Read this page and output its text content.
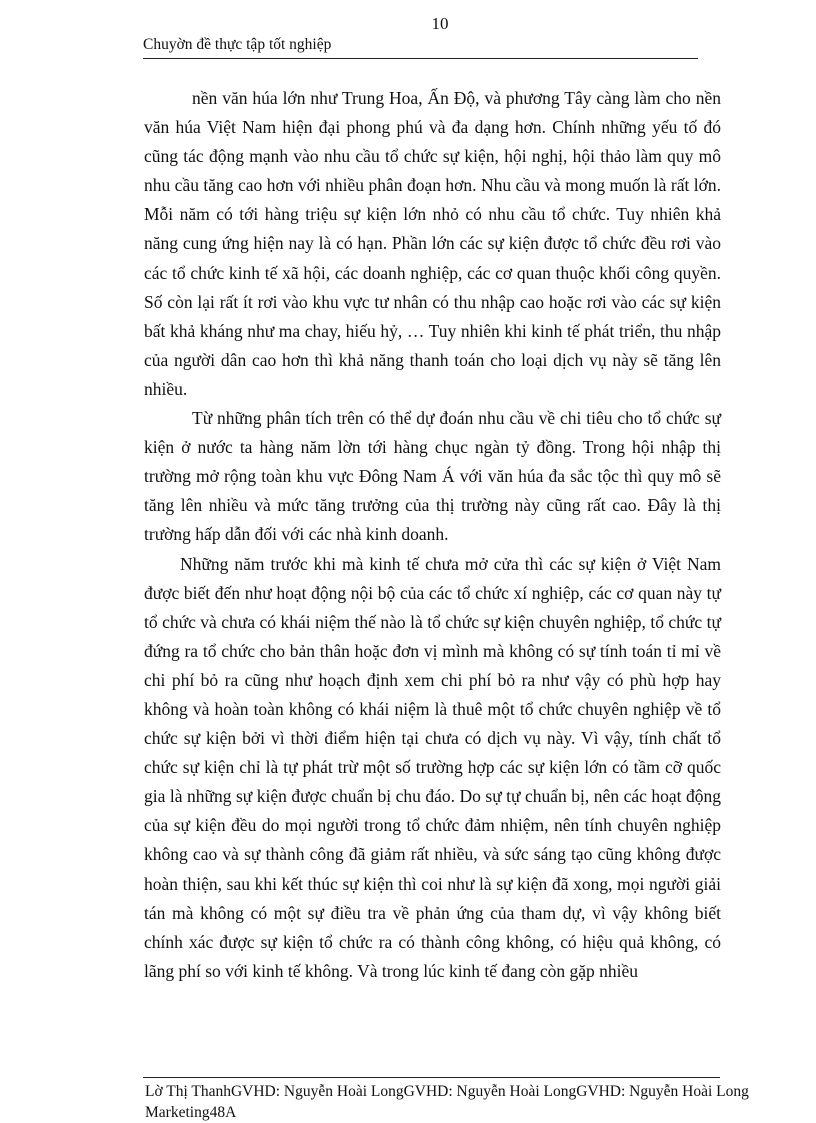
10
Chuyờn đề thực tập tốt nghiệp

nền văn húa lớn như Trung Hoa, Ấn Độ, và phương Tây càng làm cho nền văn húa Việt Nam hiện đại phong phú và đa dạng hơn. Chính những yếu tố đó cũng tác động mạnh vào nhu cầu tổ chức sự kiện, hội nghị, hội thảo làm quy mô nhu cầu tăng cao hơn với nhiều phân đoạn hơn. Nhu cầu và mong muốn là rất lớn. Mỗi năm có tới hàng triệu sự kiện lớn nhỏ có nhu cầu tổ chức. Tuy nhiên khả năng cung ứng hiện nay là có hạn. Phần lớn các sự kiện được tổ chức đều rơi vào các tổ chức kinh tế xã hội, các doanh nghiệp, các cơ quan thuộc khối công quyền. Số còn lại rất ít rơi vào khu vực tư nhân có thu nhập cao hoặc rơi vào các sự kiện bất khả kháng như ma chay, hiếu hỷ, … Tuy nhiên khi kinh tế phát triển, thu nhập của người dân cao hơn thì khả năng thanh toán cho loại dịch vụ này sẽ tăng lên nhiều.

Từ những phân tích trên có thể dự đoán nhu cầu về chi tiêu cho tổ chức sự kiện ở nước ta hàng năm lờn tới hàng chục ngàn tỷ đồng. Trong hội nhập thị trường mở rộng toàn khu vực Đông Nam Á với văn húa đa sắc tộc thì quy mô sẽ tăng lên nhiều và mức tăng trưởng của thị trường này cũng rất cao. Đây là thị trường hấp dẫn đối với các nhà kinh doanh.

Những năm trước khi mà kinh tế chưa mở cửa thì các sự kiện ở Việt Nam được biết đến như hoạt động nội bộ của các tổ chức xí nghiệp, các cơ quan này tự tổ chức và chưa có khái niệm thế nào là tổ chức sự kiện chuyên nghiệp, tổ chức tự đứng ra tổ chức cho bản thân hoặc đơn vị mình mà không có sự tính toán tỉ mỉ về chi phí bỏ ra cũng như hoạch định xem chi phí bỏ ra như vậy có phù hợp hay không và hoàn toàn không có khái niệm là thuê một tổ chức chuyên nghiệp về tổ chức sự kiện bởi vì thời điểm hiện tại chưa có dịch vụ này. Vì vậy, tính chất tổ chức sự kiện chỉ là tự phát trừ một số trường hợp các sự kiện lớn có tầm cỡ quốc gia là những sự kiện được chuẩn bị chu đáo. Do sự tự chuẩn bị, nên các hoạt động của sự kiện đều do mọi người trong tổ chức đảm nhiệm, nên tính chuyên nghiệp không cao và sự thành công đã giảm rất nhiều, và sức sáng tạo cũng không được hoàn thiện, sau khi kết thúc sự kiện thì coi như là sự kiện đã xong, mọi người giải tán mà không có một sự điều tra về phản ứng của tham dự, vì vậy không biết chính xác được sự kiện tổ chức ra có thành công không, có hiệu quả không, có lãng phí so với kinh tế không. Và trong lúc kinh tế đang còn gặp nhiều

Lờ Thị ThanhGVHD: Nguyễn Hoài LongGVHD: Nguyễn Hoài LongGVHD: Nguyễn Hoài Long
Marketing48A
